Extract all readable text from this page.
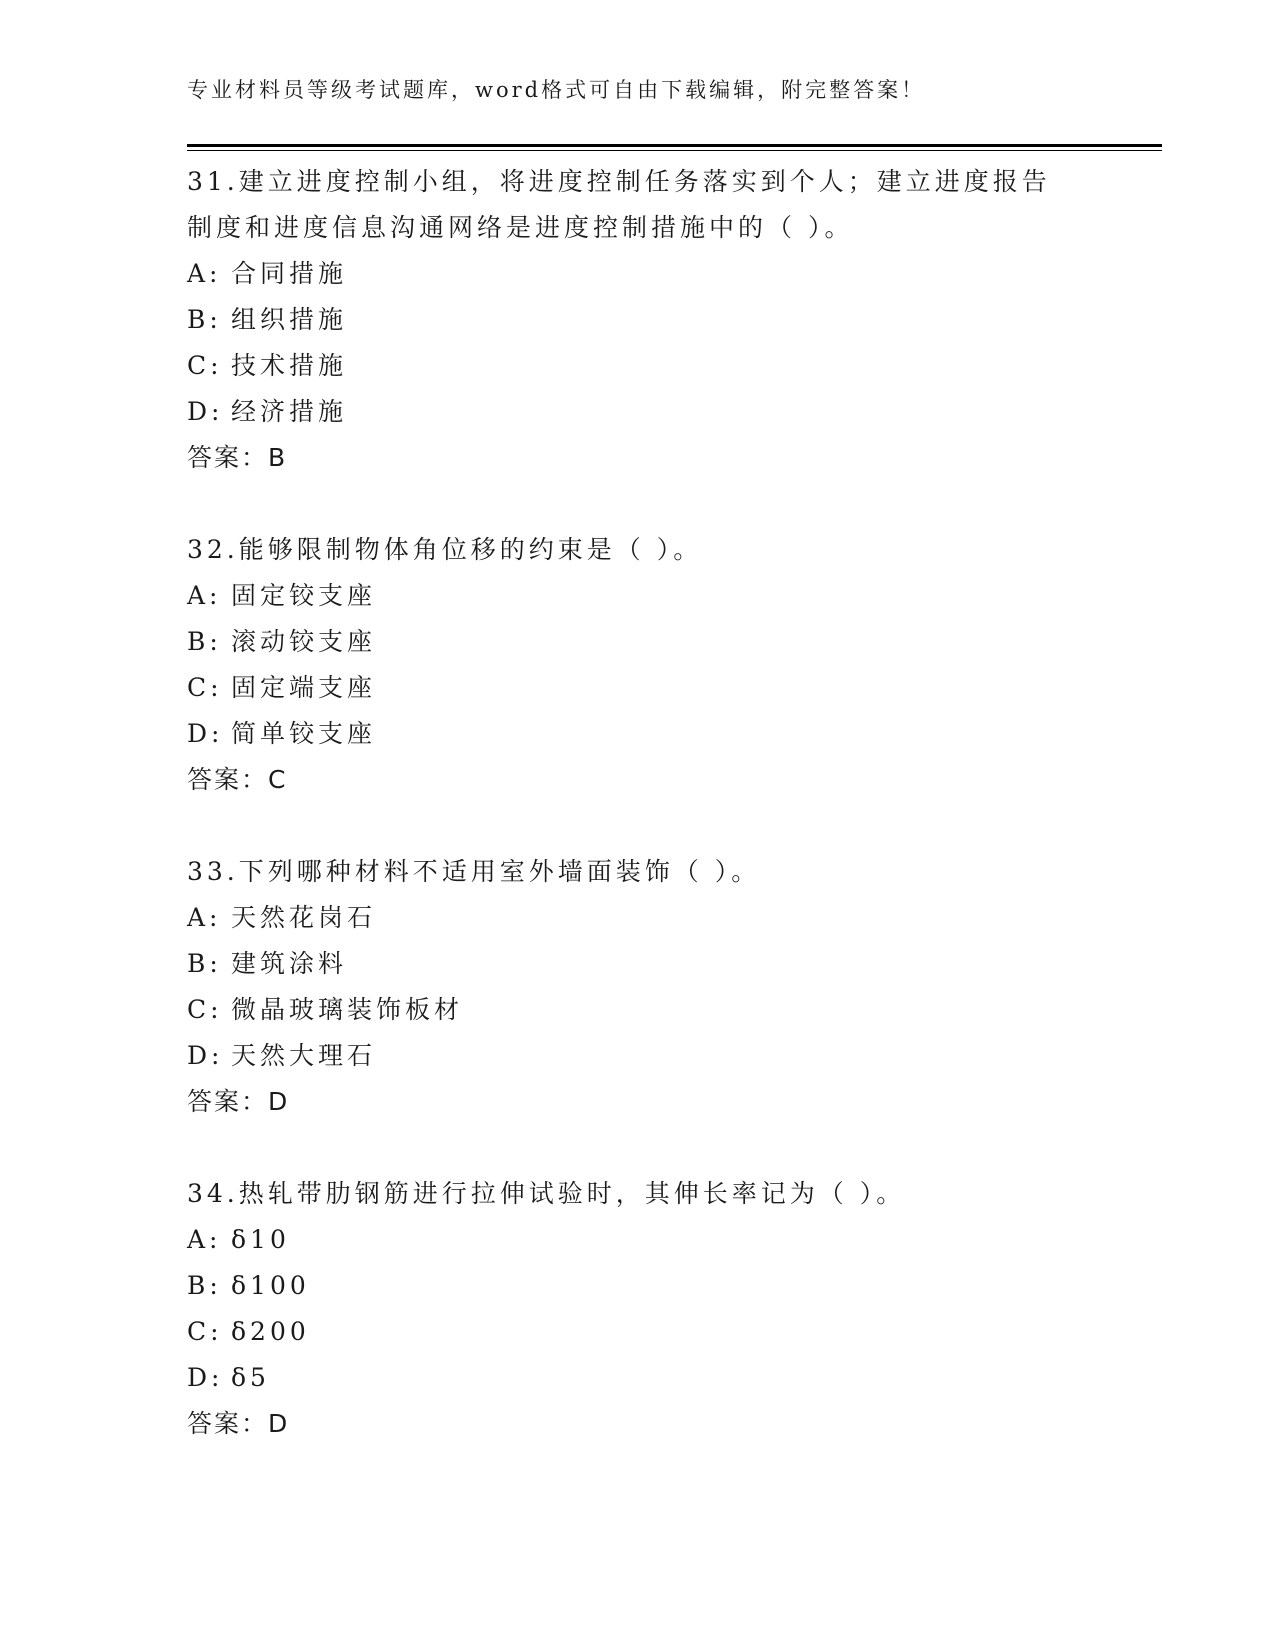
专业材料员等级考试题库，word格式可自由下载编辑，附完整答案！
31.建立进度控制小组，将进度控制任务落实到个人；建立进度报告制度和进度信息沟通网络是进度控制措施中的（ ）。
A: 合同措施
B: 组织措施
C: 技术措施
D: 经济措施
答案：B
32.能够限制物体角位移的约束是（ ）。
A: 固定铰支座
B: 滚动铰支座
C: 固定端支座
D: 简单铰支座
答案：C
33.下列哪种材料不适用室外墙面装饰（ ）。
A: 天然花岗石
B: 建筑涂料
C: 微晶玻璃装饰板材
D: 天然大理石
答案：D
34.热轧带肋钢筋进行拉伸试验时，其伸长率记为（ ）。
A: δ10
B: δ100
C: δ200
D: δ5
答案：D
